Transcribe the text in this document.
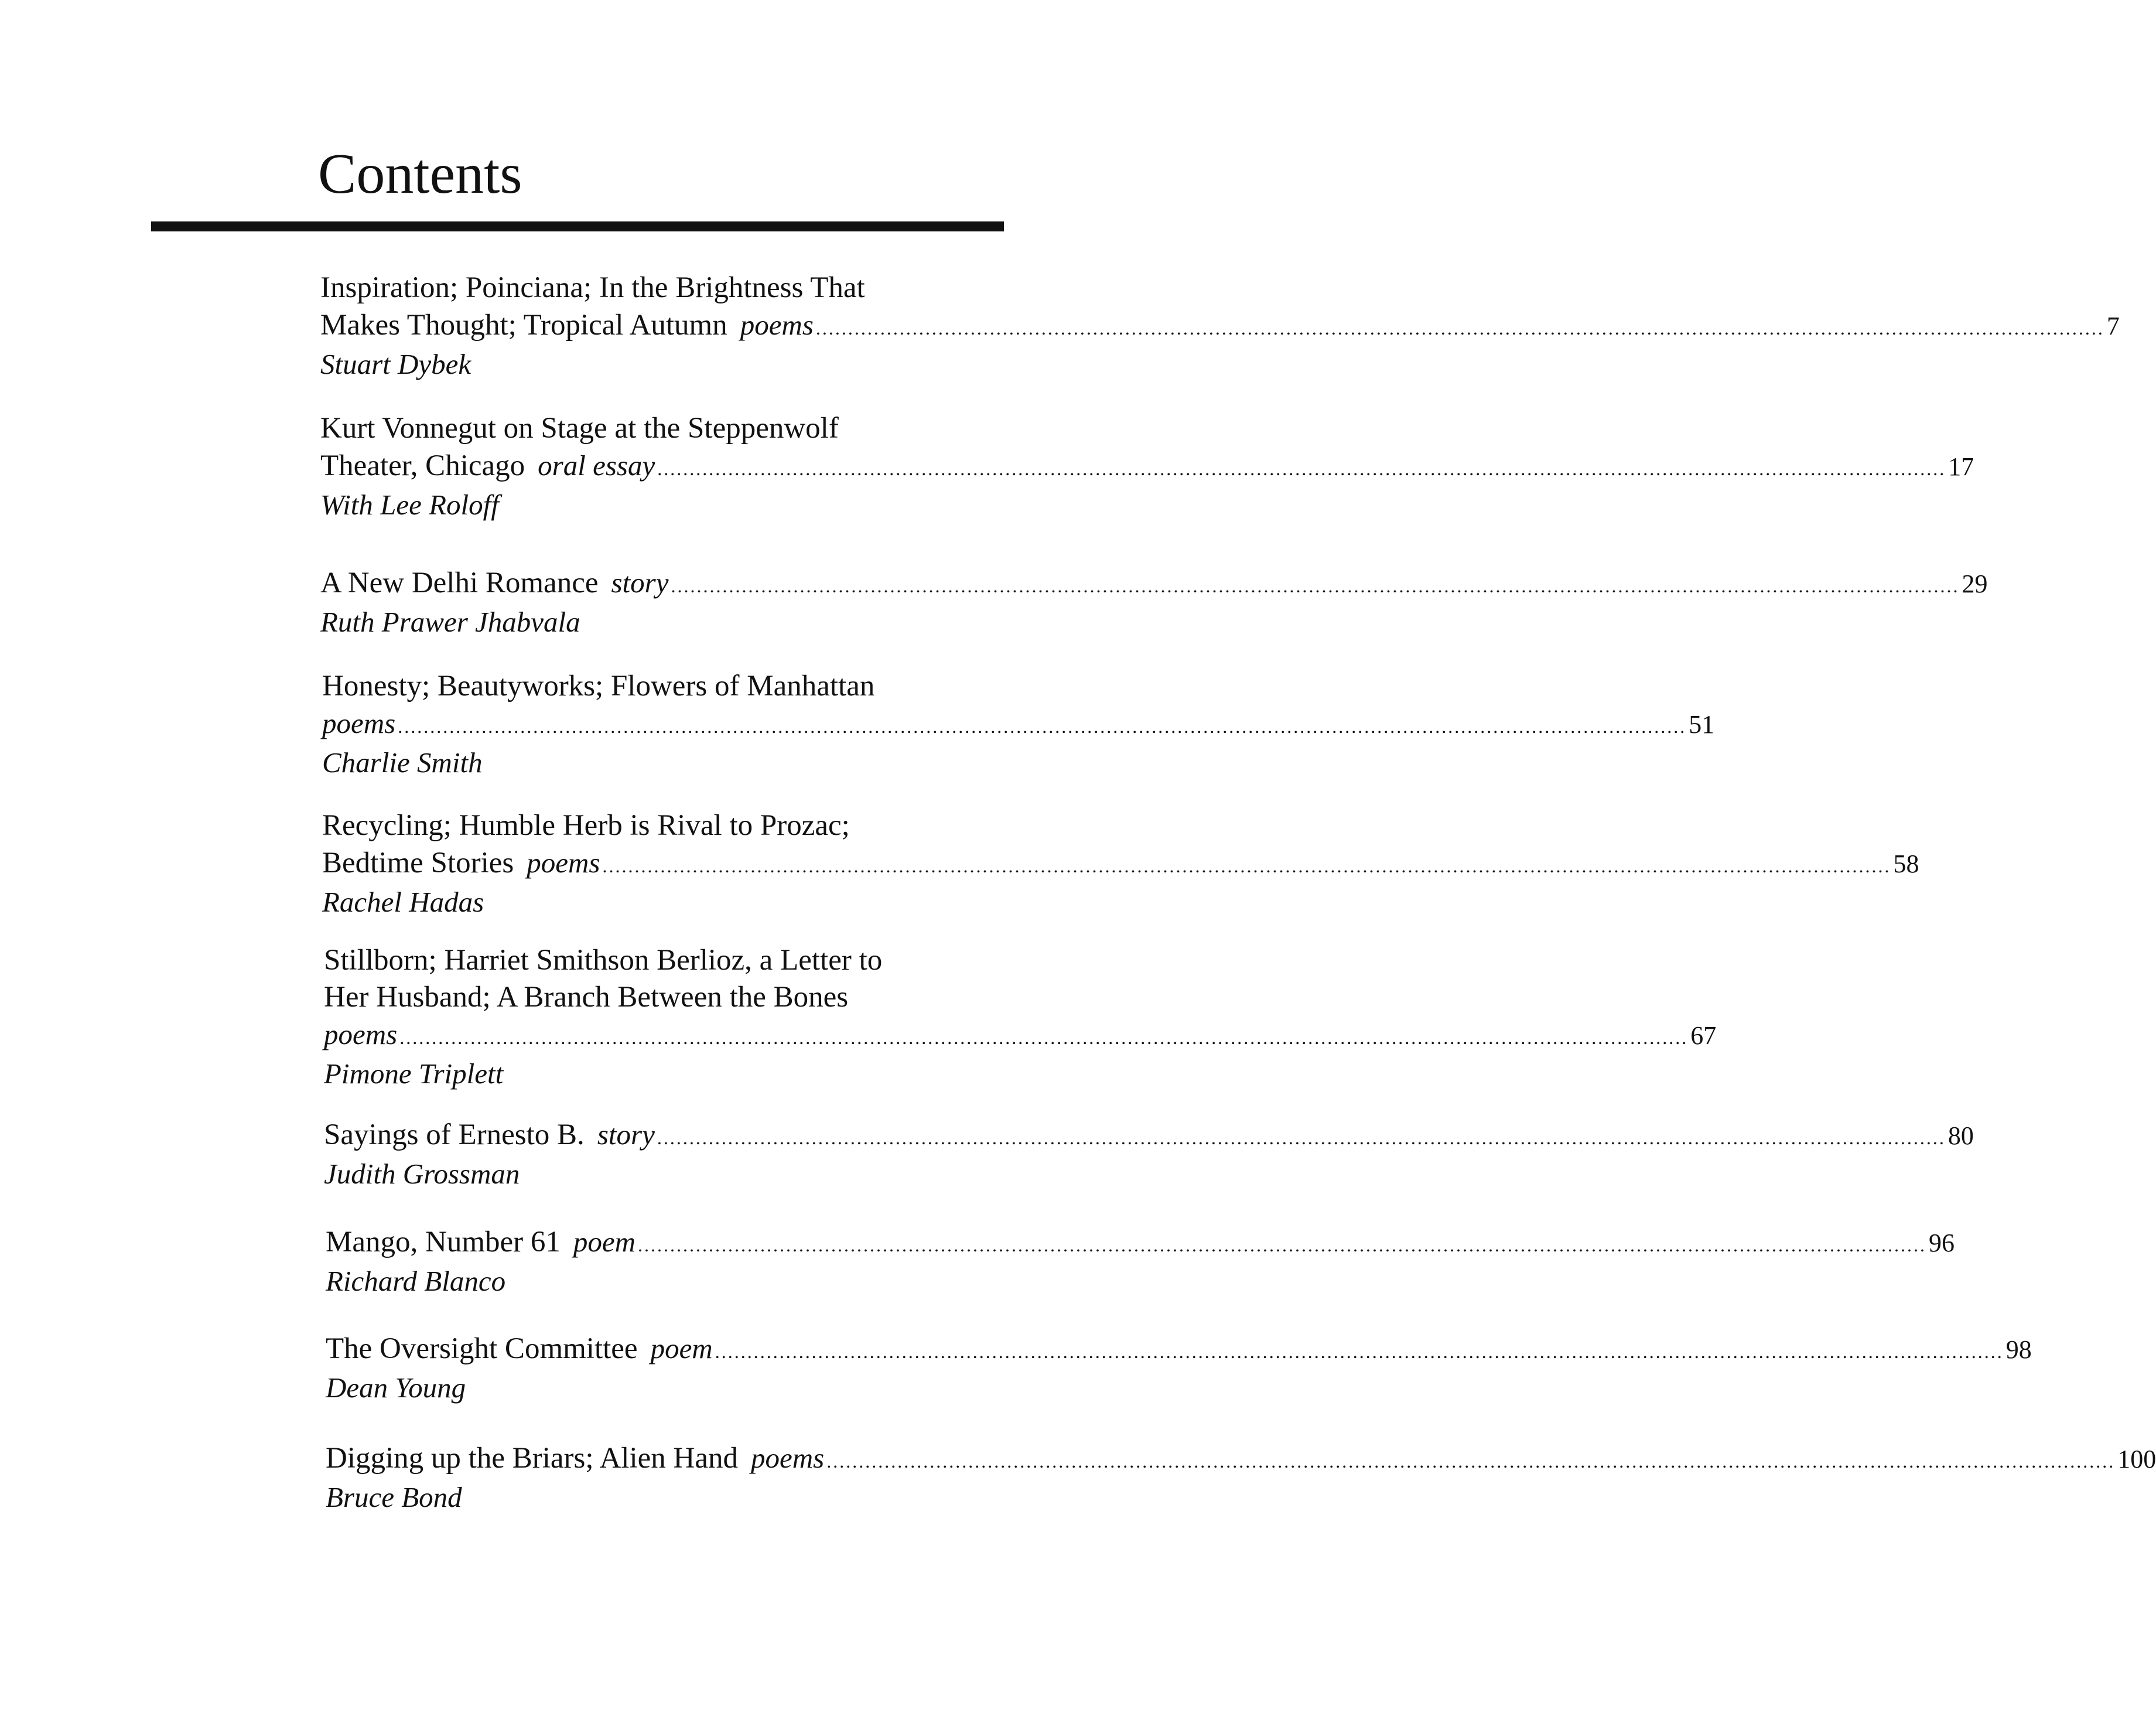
Contents
Inspiration; Poinciana; In the Brightness That
Makes Thought; Tropical Autumn poems ........................................................................................................................................................................................................ 7
Stuart Dybek
Kurt Vonnegut on Stage at the Steppenwolf
Theater, Chicago oral essay ........................................................................................................................................................................................................ 17
With Lee Roloff
A New Delhi Romance story ........................................................................................................................................................................................................ 29
Ruth Prawer Jhabvala
Honesty; Beautyworks; Flowers of Manhattan
poems ........................................................................................................................................................................................................ 51
Charlie Smith
Recycling; Humble Herb is Rival to Prozac;
Bedtime Stories poems ........................................................................................................................................................................................................ 58
Rachel Hadas
Stillborn; Harriet Smithson Berlioz, a Letter to
Her Husband; A Branch Between the Bones
poems ........................................................................................................................................................................................................ 67
Pimone Triplett
Sayings of Ernesto B. story ........................................................................................................................................................................................................ 80
Judith Grossman
Mango, Number 61 poem ........................................................................................................................................................................................................ 96
Richard Blanco
The Oversight Committee poem ........................................................................................................................................................................................................ 98
Dean Young
Digging up the Briars; Alien Hand poems ........................................................................................................................................................................................................ 100
Bruce Bond
